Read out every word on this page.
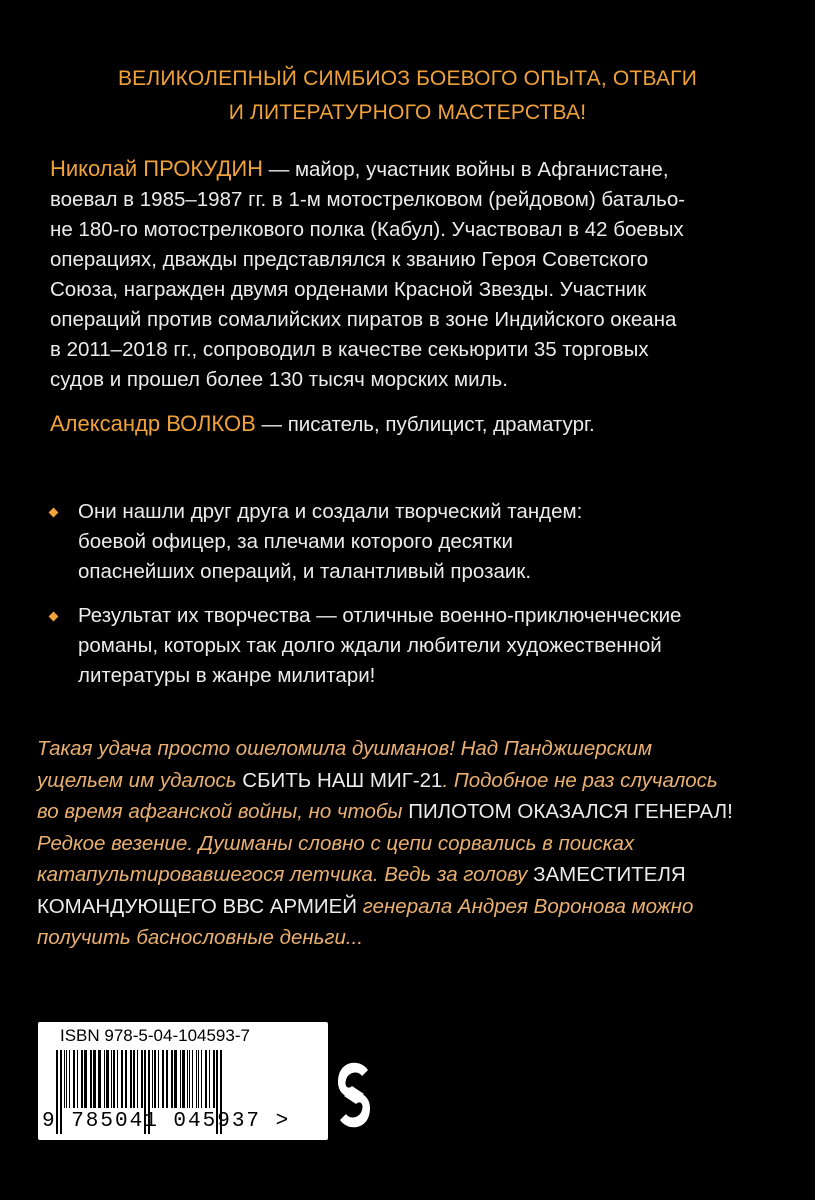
ВЕЛИКОЛЕПНЫЙ СИМБИОЗ БОЕВОГО ОПЫТА, ОТВАГИ
И ЛИТЕРАТУРНОГО МАСТЕРСТВА!
Николай ПРОКУДИН — майор, участник войны в Афганистане,
воевал в 1985–1987 гг. в 1-м мотострелковом (рейдовом) батальо-
не 180-го мотострелкового полка (Кабул). Участвовал в 42 боевых
операциях, дважды представлялся к званию Героя Советского
Союза, награжден двумя орденами Красной Звезды. Участник
операций против сомалийских пиратов в зоне Индийского океана
в 2011–2018 гг., сопроводил в качестве секьюрити 35 торговых
судов и прошел более 130 тысяч морских миль.
Александр ВОЛКОВ — писатель, публицист, драматург.
Они нашли друг друга и создали творческий тандем:
боевой офицер, за плечами которого десятки
опаснейших операций, и талантливый прозаик.
Результат их творчества — отличные военно-приключенческие
романы, которых так долго ждали любители художественной
литературы в жанре милитари!
Такая удача просто ошеломила душманов! Над Панджшерским
ущельем им удалось СБИТЬ НАШ МИГ-21. Подобное не раз случалось
во время афганской войны, но чтобы ПИЛОТОМ ОКАЗАЛСЯ ГЕНЕРАЛ!
Редкое везение. Душманы словно с цепи сорвались в поисках
катапультировавшегося летчика. Ведь за голову ЗАМЕСТИТЕЛЯ
КОМАНДУЮЩЕГО ВВС АРМИЕЙ генерала Андрея Воронова можно
получить баснословные деньги...
ISBN 978-5-04-104593-7
9 785041 045937 >
